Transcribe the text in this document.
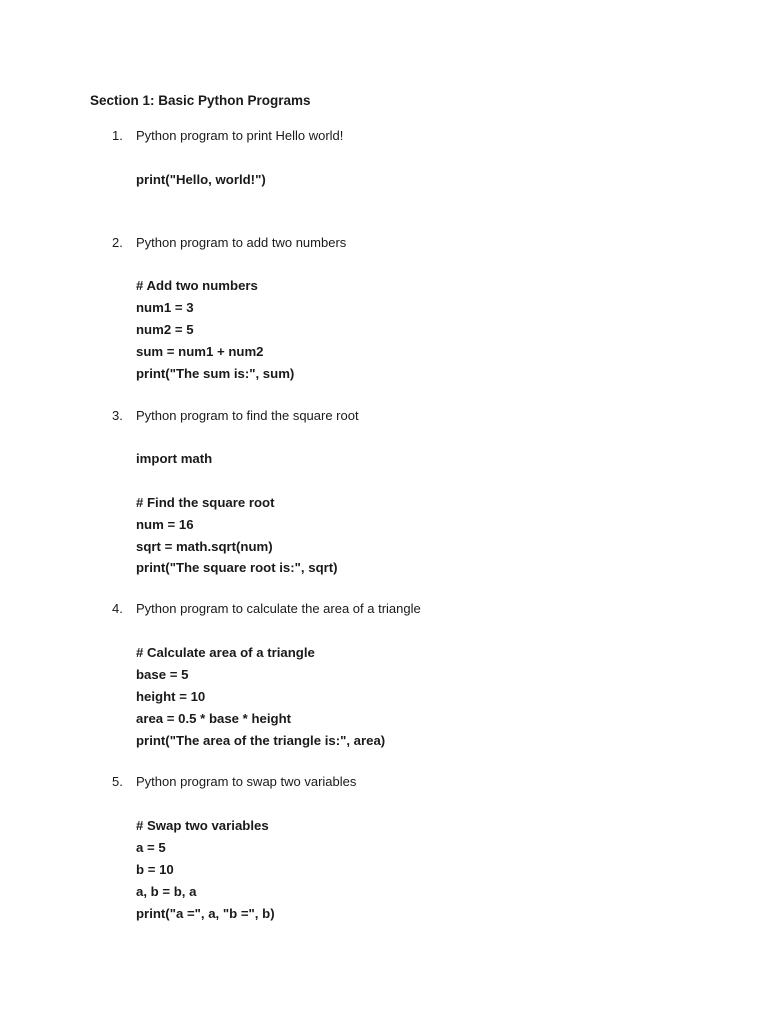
Section 1: Basic Python Programs
1.	Python program to print Hello world!
print("Hello, world!")
2.	Python program to add two numbers
# Add two numbers
num1 = 3
num2 = 5
sum = num1 + num2
print("The sum is:", sum)
3.	Python program to find the square root
import math
# Find the square root
num = 16
sqrt = math.sqrt(num)
print("The square root is:", sqrt)
4.	Python program to calculate the area of a triangle
# Calculate area of a triangle
base = 5
height = 10
area = 0.5 * base * height
print("The area of the triangle is:", area)
5.	Python program to swap two variables
# Swap two variables
a = 5
b = 10
a, b = b, a
print("a =", a, "b =", b)
